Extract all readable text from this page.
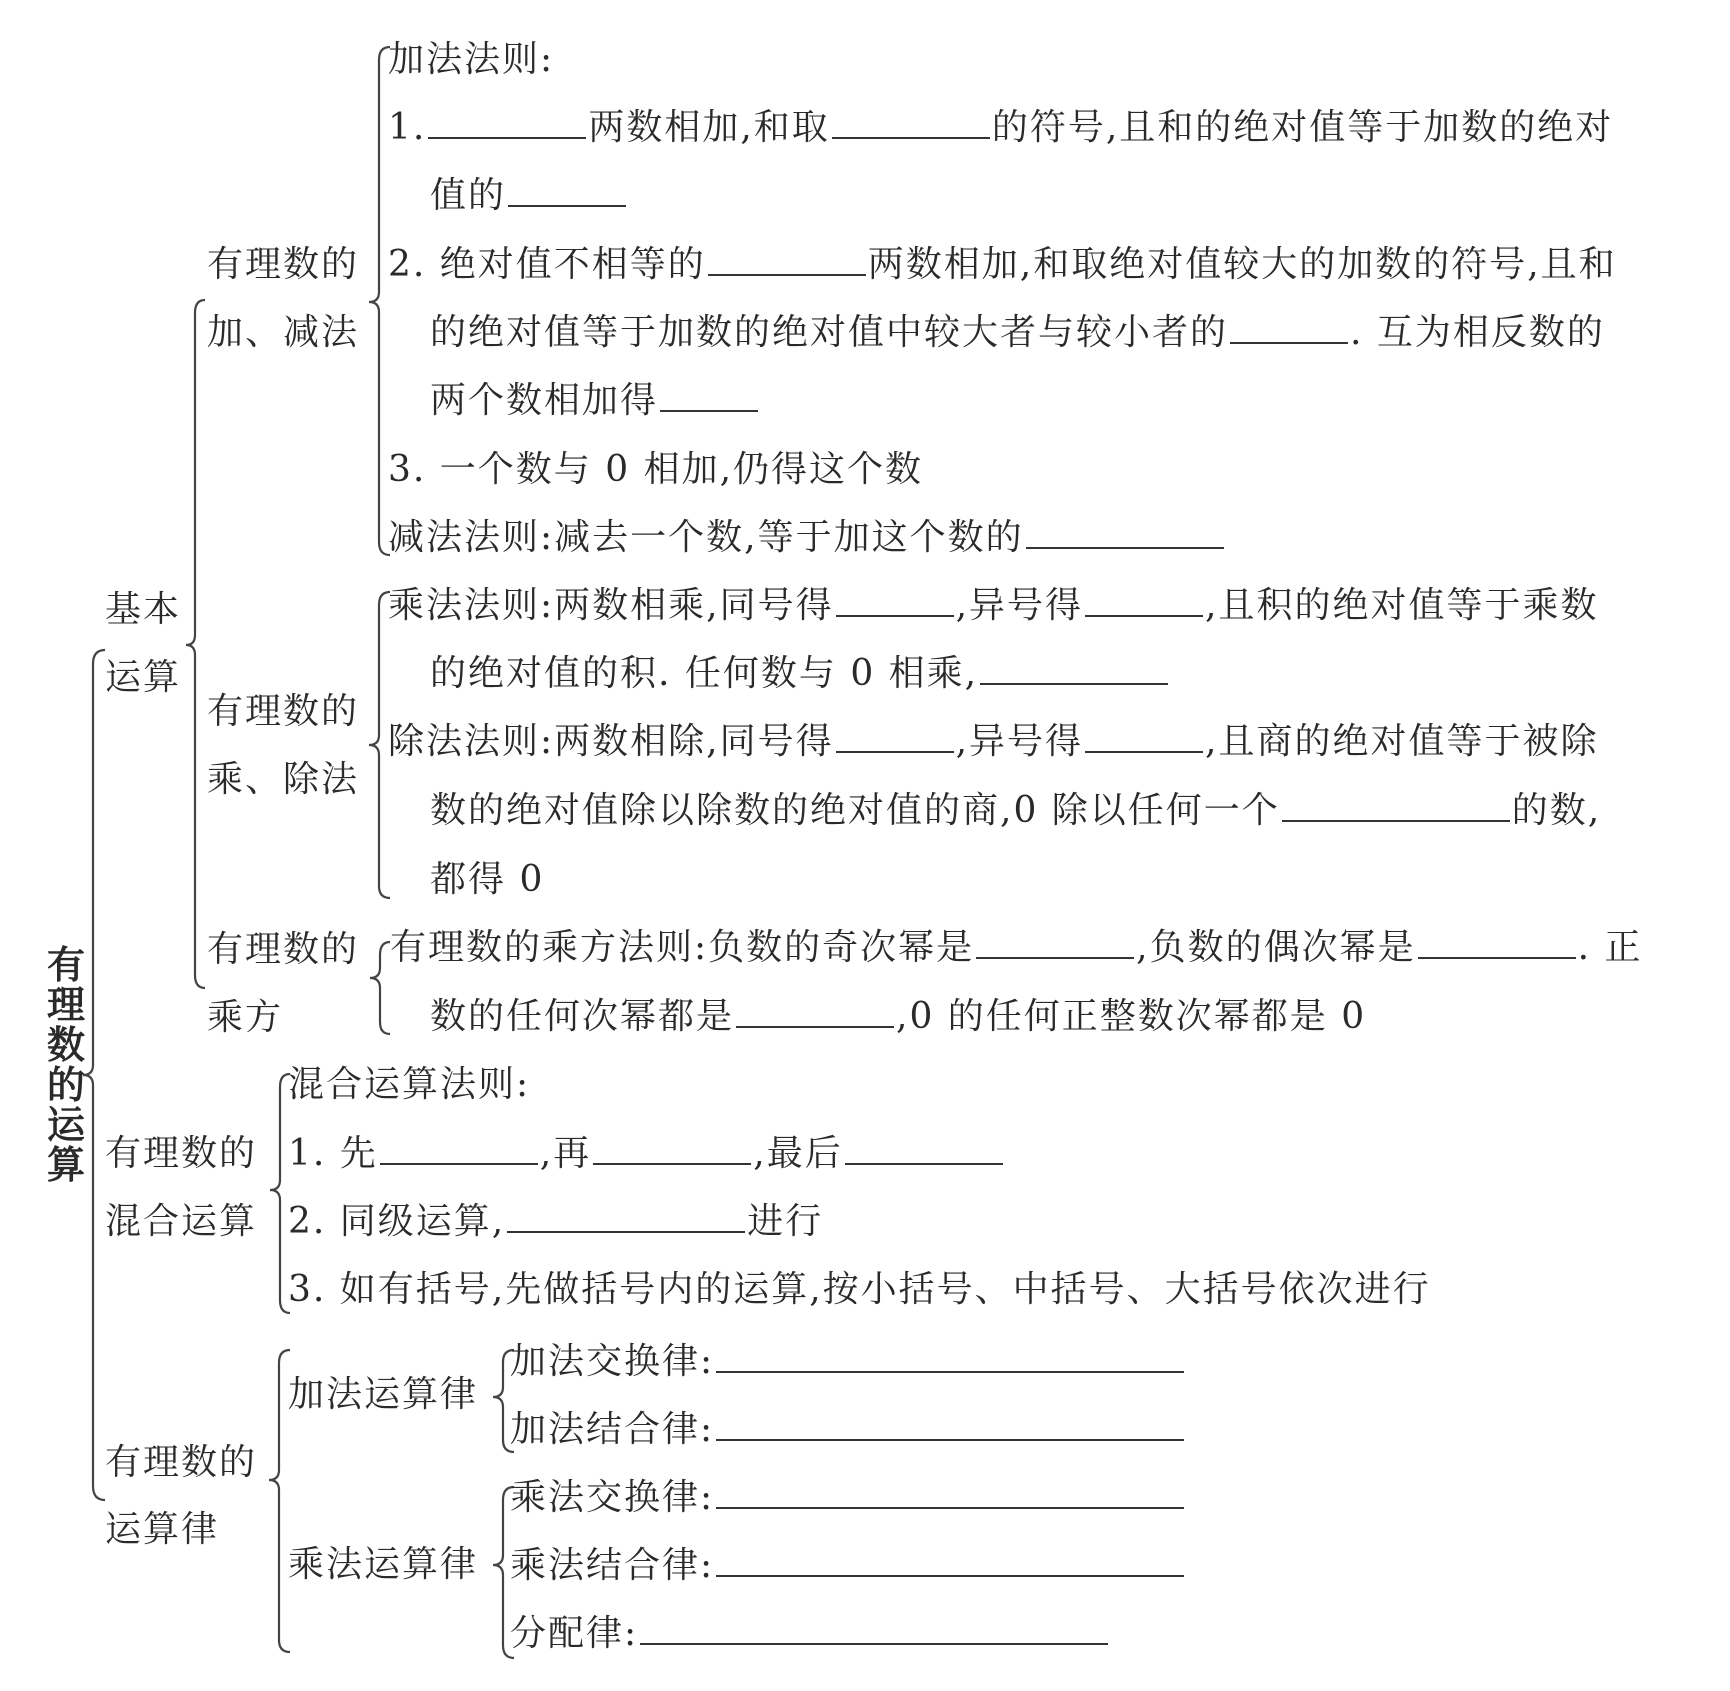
有理数的运算
基本
运算
有理数的
加、减法
有理数的
乘、除法
有理数的
乘方
有理数的
混合运算
有理数的
运算律
加法运算律
乘法运算律
加法法则:
1.	两数相加,和取	的符号,且和的绝对值等于加数的绝对
值的
2. 绝对值不相等的	两数相加,和取绝对值较大的加数的符号,且和
的绝对值等于加数的绝对值中较大者与较小者的	. 互为相反数的
两个数相加得
3. 一个数与 0 相加,仍得这个数
减法法则:减去一个数,等于加这个数的
乘法法则:两数相乘,同号得	,异号得	,且积的绝对值等于乘数
的绝对值的积. 任何数与 0 相乘,
除法法则:两数相除,同号得	,异号得	,且商的绝对值等于被除
数的绝对值除以除数的绝对值的商,0 除以任何一个	的数,
都得 0
有理数的乘方法则:负数的奇次幂是	,负数的偶次幂是	. 正
数的任何次幂都是	,0 的任何正整数次幂都是 0
混合运算法则:
1. 先	,再	,最后
2. 同级运算,	进行
3. 如有括号,先做括号内的运算,按小括号、中括号、大括号依次进行
加法交换律:
加法结合律:
乘法交换律:
乘法结合律:
分配律:
